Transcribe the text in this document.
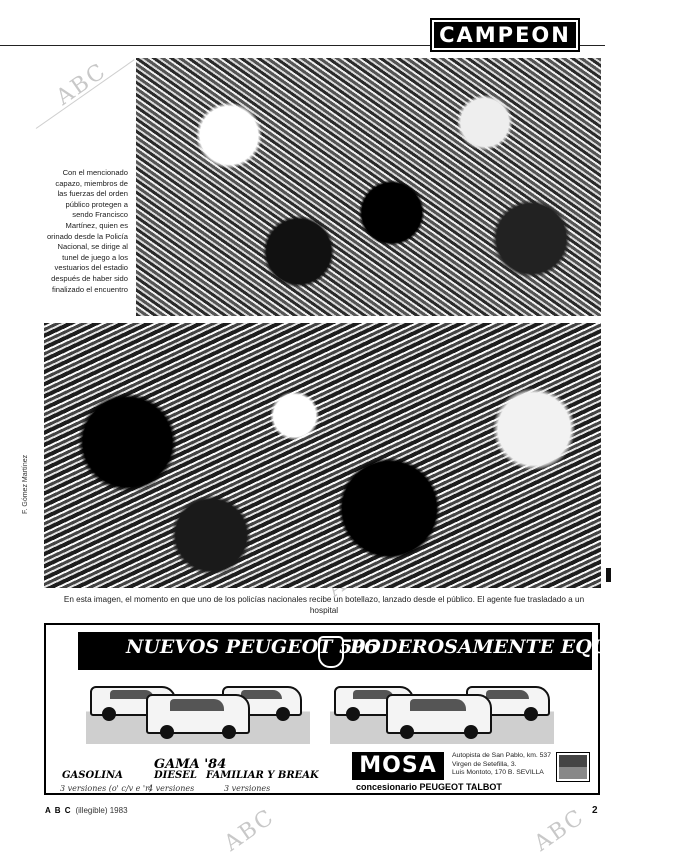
CAMPEON
ABC
ABC	ABC
Con el mencionado capazo, miembros de las fuerzas del orden público protegen a sendo Francisco Martínez, quien es orinado desde la Policía Nacional, se dirige al tunel de juego a los vestuarios del estadio después de haber sido finalizado el encuentro
F. Gómez Martínez
En esta imagen, el momento en que uno de los policías nacionales recibe un botellazo, lanzado desde el público. El agente fue trasladado a un hospital
NUEVOS PEUGEOT 505
PODEROSAMENTE EQUIPADOS.
GAMA '84
GASOLINA
3 versiones (o' c/v e 'r)
DIESEL
4 versiones
FAMILIAR Y BREAK
3 versiones
MOSA	Autopista de San Pablo, km. 537
Virgen de Setefilla, 3.
Luis Montoto, 170 B. SEVILLA
concesionario PEUGEOT TALBOT
A B C (illegible) 1983	2
